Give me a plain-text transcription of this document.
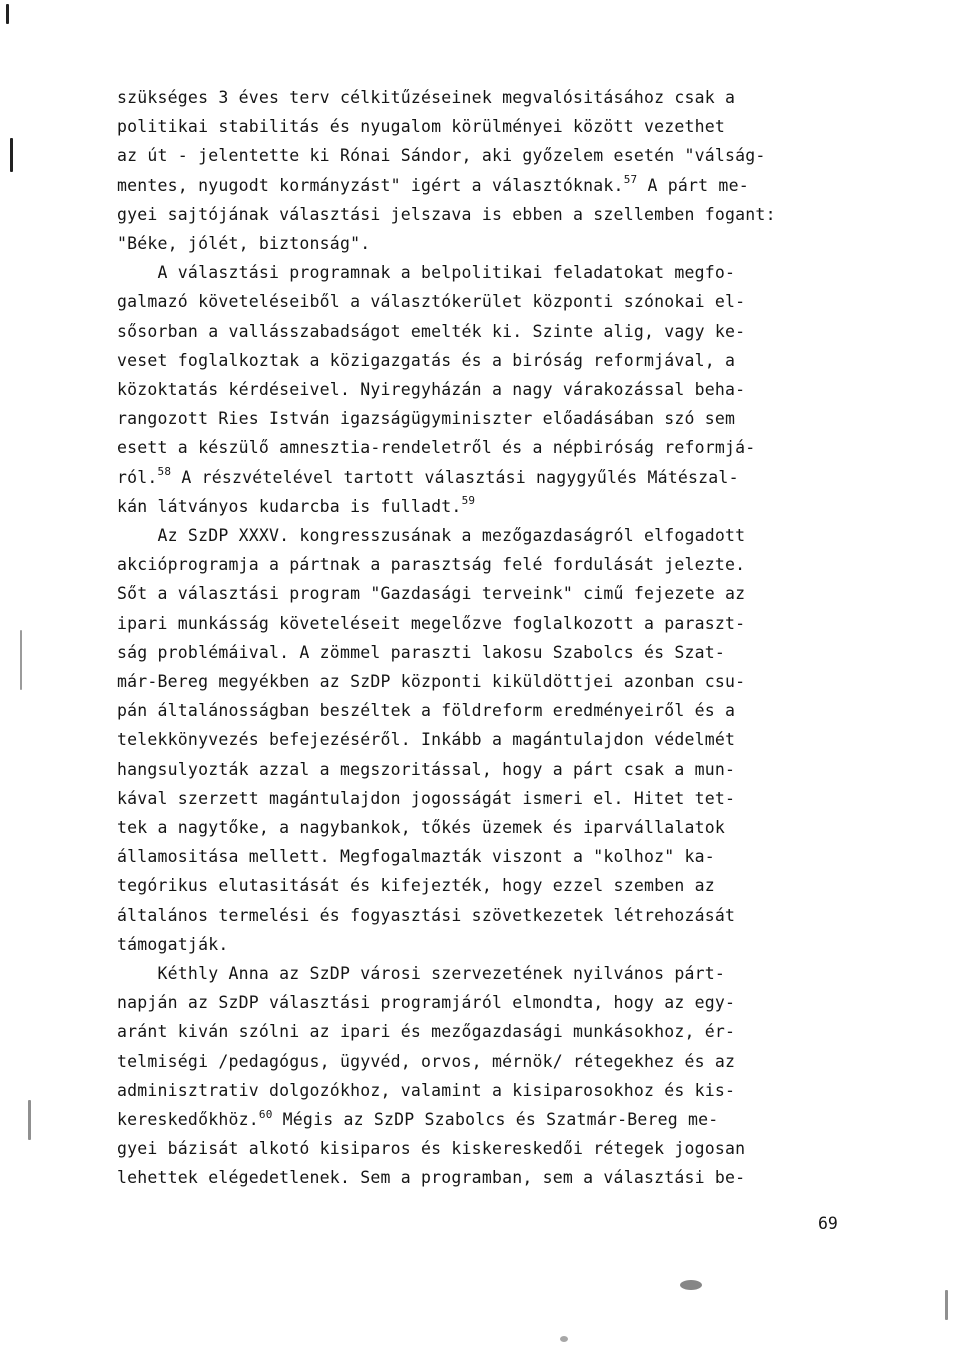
szükséges 3 éves terv célkitűzéseinek megvalósitásához csak a
politikai stabilitás és nyugalom körülményei között vezethet
az út - jelentette ki Rónai Sándor, aki győzelem esetén "válság-
mentes, nyugodt kormányzást" igért a választóknak.$^{57}$ A párt me-
gyei sajtójának választási jelszava is ebben a szellemben fogant:
"Béke, jólét, biztonság".
A választási programnak a belpolitikai feladatokat megfo-
galmazó követeléseiből a választókerület központi szónokai el-
sősorban a vallásszabadságot emelték ki. Szinte alig, vagy ke-
veset foglalkoztak a közigazgatás és a biróság reformjával, a
közoktatás kérdéseivel. Nyiregyházán a nagy várakozással beha-
rangozott Ries István igazságügyminiszter előadásában szó sem
esett a készülő amnesztia-rendeletről és a népbiróság reformjá-
ról.$^{58}$ A részvételével tartott választási nagygyűlés Mátészal-
kán látványos kudarcba is fulladt.$^{59}$
Az SzDP XXXV. kongresszusának a mezőgazdaságról elfogadott
akcióprogramja a pártnak a parasztság felé fordulását jelezte.
Sőt a választási program "Gazdasági terveink" cimű fejezete az
ipari munkásság követeléseit megelőzve foglalkozott a paraszt-
ság problémáival. A zömmel paraszti lakosu Szabolcs és Szat-
már-Bereg megyékben az SzDP központi kiküldöttjei azonban csu-
pán általánosságban beszéltek a földreform eredményeiről és a
telekkönyvezés befejezéséről. Inkább a magántulajdon védelmét
hangsulyozták azzal a megszoritással, hogy a párt csak a mun-
kával szerzett magántulajdon jogosságát ismeri el. Hitet tet-
tek a nagytőke, a nagybankok, tőkés üzemek és iparvállalatok
államositása mellett. Megfogalmazták viszont a "kolhoz" ka-
tegórikus elutasitását és kifejezték, hogy ezzel szemben az
általános termelési és fogyasztási szövetkezetek létrehozását
támogatják.
Kéthly Anna az SzDP városi szervezetének nyilvános párt-
napján az SzDP választási programjáról elmondta, hogy az egy-
aránt kiván szólni az ipari és mezőgazdasági munkásokhoz, ér-
telmiségi /pedagógus, ügyvéd, orvos, mérnök/ rétegekhez és az
adminisztrativ dolgozókhoz, valamint a kisiparosokhoz és kis-
kereskedőkhöz.$^{60}$ Mégis az SzDP Szabolcs és Szatmár-Bereg me-
gyei bázisát alkotó kisiparos és kiskereskedői rétegek jogosan
lehettek elégedetlenek. Sem a programban, sem a választási be-
69
